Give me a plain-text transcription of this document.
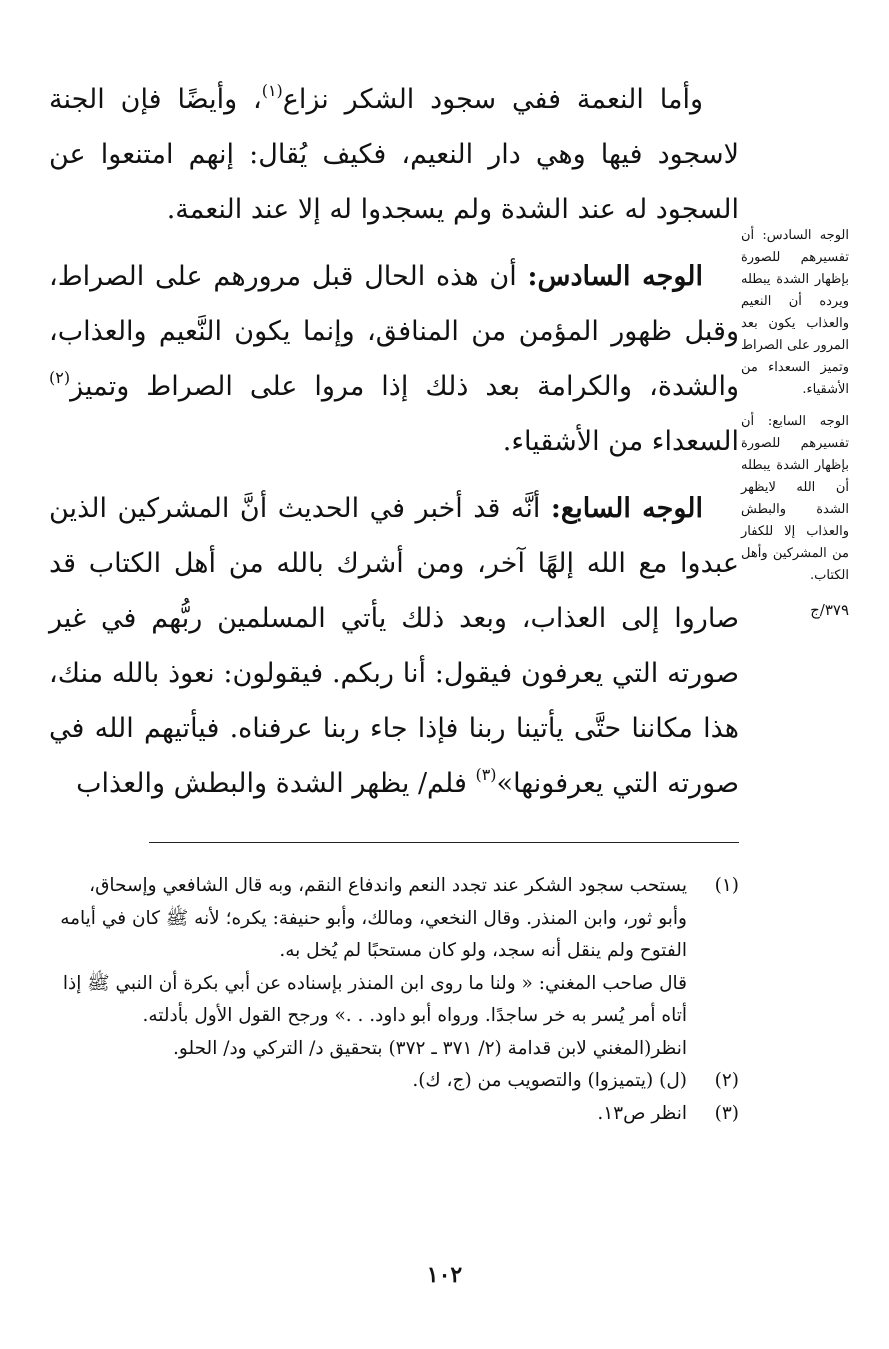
وأما النعمة ففي سجود الشكر نزاع$^{(١)}$، وأيضًا فإن الجنة لاسجود فيها وهي دار النعيم، فكيف يُقال: إنهم امتنعوا عن السجود له عند الشدة ولم يسجدوا له إلا عند النعمة.

الوجه السادس: أن هذه الحال قبل مرورهم على الصراط، وقبل ظهور المؤمن من المنافق، وإنما يكون النَّعيم والعذاب، والشدة، والكرامة بعد ذلك إذا مروا على الصراط وتميز$^{(٢)}$ السعداء من الأشقياء.

الوجه السابع: أنَّه قد أخبر في الحديث أنَّ المشركين الذين عبدوا مع الله إلهًا آخر، ومن أشرك بالله من أهل الكتاب قد صاروا إلى العذاب، وبعد ذلك يأتي المسلمين ربُّهم في غير صورته التي يعرفون فيقول: أنا ربكم. فيقولون: نعوذ بالله منك، هذا مكاننا حتَّى يأتينا ربنا فإذا جاء ربنا عرفناه. فيأتيهم الله في صورته التي يعرفونها»$^{(٣)}$ فلم/ يظهر الشدة والبطش والعذاب

الوجه السادس: أن تفسيرهم للصورة بإظهار الشدة يبطله ويرده أن النعيم والعذاب يكون بعد المرور على الصراط وتميز السعداء من الأشقياء.

الوجه السابع: أن تفسيرهم للصورة بإظهار الشدة يبطله أن الله لايظهر الشدة والبطش والعذاب إلا للكفار من المشركين وأهل الكتاب.

٣٧٩/ج

(١)

يستحب سجود الشكر عند تجدد النعم واندفاع النقم، وبه قال الشافعي وإسحاق، وأبو ثور، وابن المنذر. وقال النخعي، ومالك، وأبو حنيفة: يكره؛ لأنه ﷺ كان في أيامه الفتوح ولم ينقل أنه سجد، ولو كان مستحبًا لم يُخل به.

قال صاحب المغني: « ولنا ما روى ابن المنذر بإسناده عن أبي بكرة أن النبي ﷺ إذا أتاه أمر يُسر به خر ساجدًا. ورواه أبو داود. . .» ورجح القول الأول بأدلته.

انظر(المغني لابن قدامة (٢/ ٣٧١ ـ ٣٧٢) بتحقيق د/ التركي ود/ الحلو.

(٢)

(ل) (يتميزوا) والتصويب من (ج، ك).

(٣)

انظر ص١٣.

١٠٢
